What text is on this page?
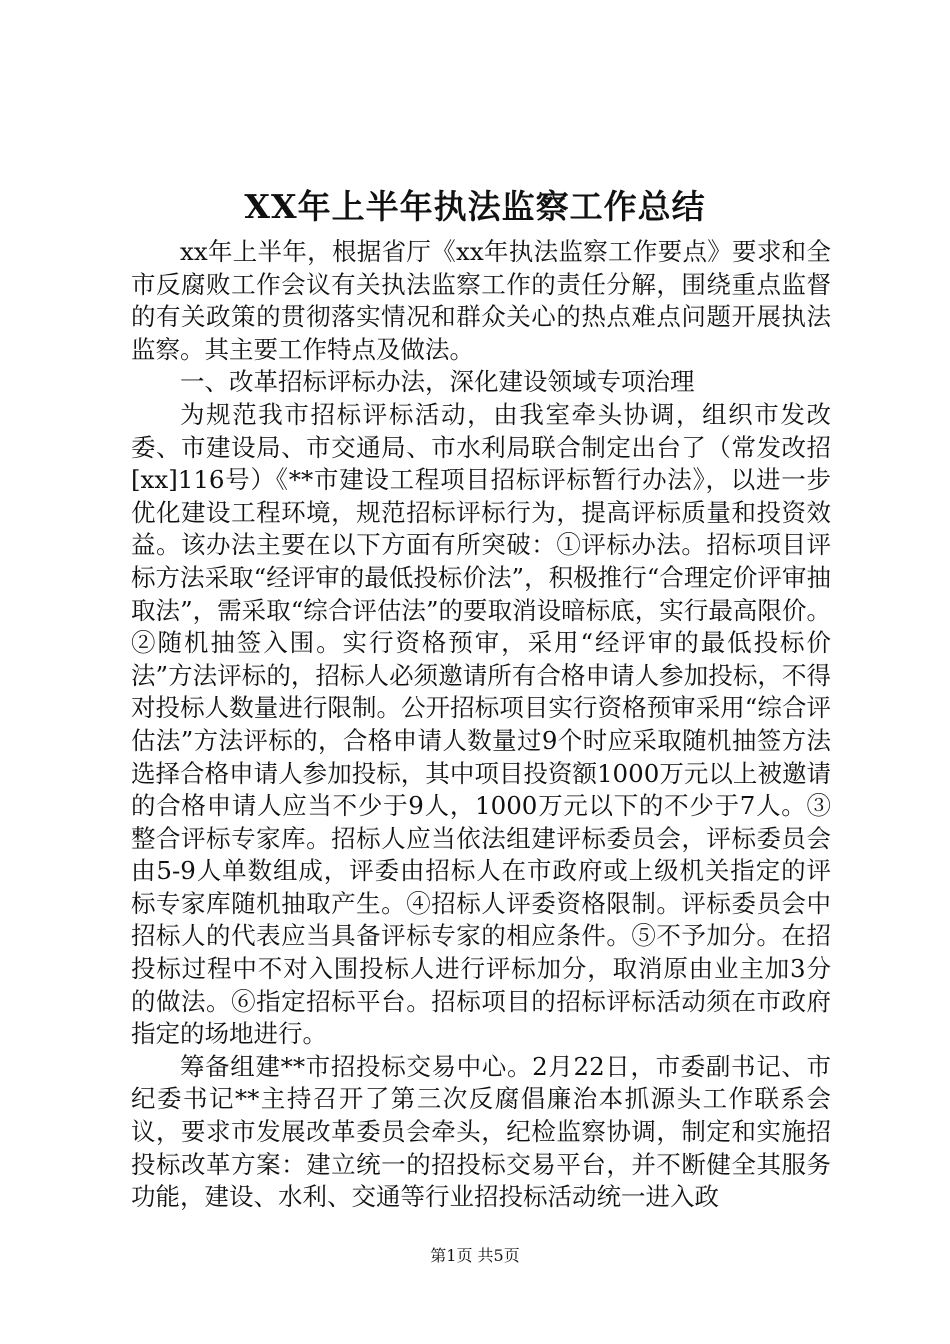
XX年上半年执法监察工作总结

xx年上半年，根据省厅《xx年执法监察工作要点》要求和全市反腐败工作会议有关执法监察工作的责任分解，围绕重点监督的有关政策的贯彻落实情况和群众关心的热点难点问题开展执法监察。其主要工作特点及做法。

一、改革招标评标办法，深化建设领域专项治理

为规范我市招标评标活动，由我室牵头协调，组织市发改委、市建设局、市交通局、市水利局联合制定出台了（常发改招[xx]116号）《**市建设工程项目招标评标暂行办法》，以进一步优化建设工程环境，规范招标评标行为，提高评标质量和投资效益。该办法主要在以下方面有所突破：①评标办法。招标项目评标方法采取“经评审的最低投标价法”，积极推行“合理定价评审抽取法”，需采取“综合评估法”的要取消设暗标底，实行最高限价。②随机抽签入围。实行资格预审，采用“经评审的最低投标价法”方法评标的，招标人必须邀请所有合格申请人参加投标，不得对投标人数量进行限制。公开招标项目实行资格预审采用“综合评估法”方法评标的，合格申请人数量过9个时应采取随机抽签方法选择合格申请人参加投标，其中项目投资额1000万元以上被邀请的合格申请人应当不少于9人，1000万元以下的不少于7人。③整合评标专家库。招标人应当依法组建评标委员会，评标委员会由5-9人单数组成，评委由招标人在市政府或上级机关指定的评标专家库随机抽取产生。④招标人评委资格限制。评标委员会中招标人的代表应当具备评标专家的相应条件。⑤不予加分。在招投标过程中不对入围投标人进行评标加分，取消原由业主加3分的做法。⑥指定招标平台。招标项目的招标评标活动须在市政府指定的场地进行。

筹备组建**市招投标交易中心。2月22日，市委副书记、市纪委书记**主持召开了第三次反腐倡廉治本抓源头工作联系会议，要求市发展改革委员会牵头，纪检监察协调，制定和实施招投标改革方案：建立统一的招投标交易平台，并不断健全其服务功能，建设、水利、交通等行业招投标活动统一进入政

第1页 共5页
